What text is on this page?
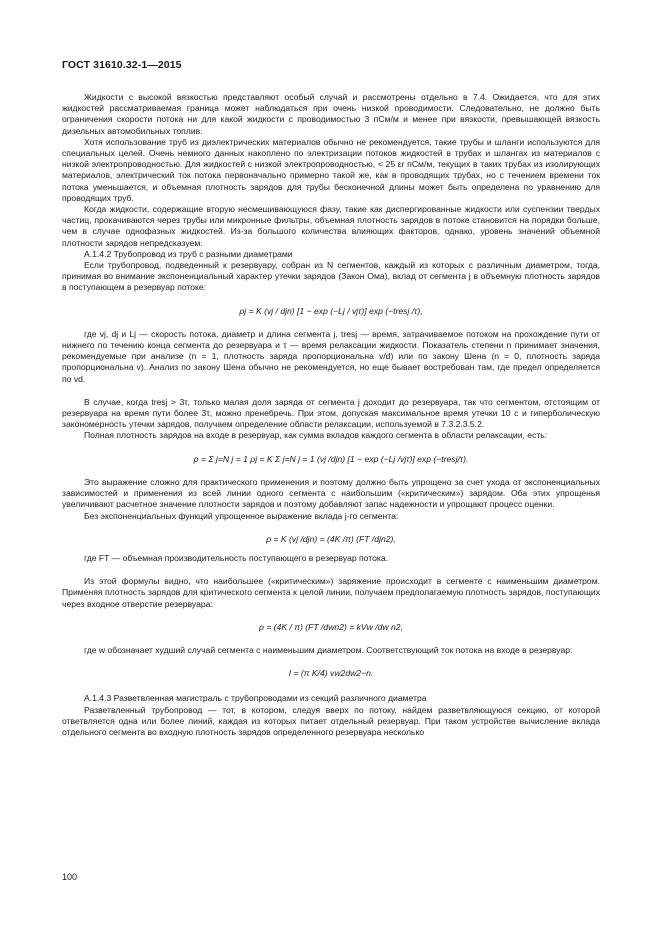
ГОСТ 31610.32-1—2015

Жидкости с высокой вязкостью представляют особый случай и рассмотрены отдельно в 7.4. Ожидается, что для этих жидкостей рассматриваемая граница может наблюдаться при очень низкой проводимости. Следовательно, не должно быть ограничения скорости потока ни для какой жидкости с проводимостью 3 пСм/м и менее при вязкости, превышающей вязкость дизельных автомобильных топлив.

Хотя использование труб из диэлектрических материалов обычно не рекомендуется, такие трубы и шланги используются для специальных целей. Очень немного данных накоплено по электризации потоков жидкостей в трубах и шлангах из материалов с низкой электропроводностью. Для жидкостей с низкой электропроводностью, < 25 εr пСм/м, текущих в таких трубах из изолирующих материалов, электрический ток потока первоначально примерно такой же, как в проводящих трубах, но с течением времени ток потока уменьшается, и объемная плотность зарядов для трубы бесконечной длины может быть определена по уравнению для проводящих труб.

Когда жидкости, содержащие вторую несмешивающуюся фазу, такие как диспергированные жидкости или суспензии твердых частиц, прокачиваются через трубы или микронные фильтры, объемная плотность зарядов в потоке становится на порядки больше, чем в случае однофазных жидкостей. Из-за большого количества влияющих факторов, однако, уровень значений объемной плотности зарядов непредсказуем.

А.1.4.2 Трубопровод из труб с разными диаметрами

Если трубопровод, подведенный к резервуару, собран из N сегментов, каждый из которых с различным диаметром, тогда, принимая во внимание экспоненциальный характер утечки зарядов (Закон Ома), вклад от сегмента j в объемную плотность зарядов в поступающем в резервуар потоке:

ρj = K (vj / djn) [1 − exp (−Lj / vjτ)] exp (−tresj /τ),

где vj, dj и Lj — скорость потока, диаметр и длина сегмента j, tresj — время, затрачиваемое потоком на прохождение пути от нижнего по течению конца сегмента до резервуара и τ — время релаксации жидкости. Показатель степени n принимает значения, рекомендуемые при анализе (n = 1, плотность заряда пропорциональна v/d) или по закону Шена (n = 0, плотность заряда пропорциональна v). Анализ по закону Шена обычно не рекомендуется, но еще бывает востребован там, где предел определяется по vd.

В случае, когда tresj > 3τ, только малая доля заряда от сегмента j доходит до резервуара, так что сегментом, отстоящим от резервуара на время пути более 3τ, можно пренебречь. При этом, допуская максимальное время утечки 10 с и гиперболическую закономерность утечки зарядов, получаем определение области релаксации, используемой в 7.3.2.3.5.2.

Полная плотность зарядов на входе в резервуар, как сумма вкладов каждого сегмента в области релаксации, есть:

ρ = Σ j=N j = 1 ρj = K Σ j=N j = 1 (vj /djn) [1 − exp (−Lj /vjτ)] exp (−tresj/τ).

Это выражение сложно для практического применения и поэтому должно быть упрощено за счет ухода от экспоненциальных зависимостей и применения из всей линии одного сегмента с наибольшим («критическим») зарядом. Оба этих упрощенья увеличивают расчетное значение плотности зарядов и поэтому добавляют запас надежности и упрощают процесс оценки.

Без экспоненциальных функций упрощенное выражение вклада j-го сегмента:

ρ = K (vj /djn) = (4K /π) (FT /djn2),

где FT — объемная производительность поступающего в резервуар потока.

Из этой формулы видно, что наибольшее («критическим») заряжение происходит в сегменте с наименьшим диаметром. Применяя плотность зарядов для критического сегмента к целой линии, получаем предполагаемую плотность зарядов, поступающих через входное отверстие резервуара:

ρ = (4K / π) (FT /dwn2) = kVw /dw n2,

где w обозначает худший случай сегмента с наименьшим диаметром. Соответствующий ток потока на входе в резервуар:

I = (π K/4) vw2dw2−n.

А.1.4.3 Разветвленная магистраль с трубопроводами из секций различного диаметра

Разветвленный трубопровод — тот, в котором, следуя вверх по потоку, найдем разветвляющуюся секцию, от которой ответвляется одна или более линий, каждая из которых питает отдельный резервуар. При таком устройстве вычисление вклада отдельного сегмента во входную плотность зарядов определенного резервуара несколько

100
